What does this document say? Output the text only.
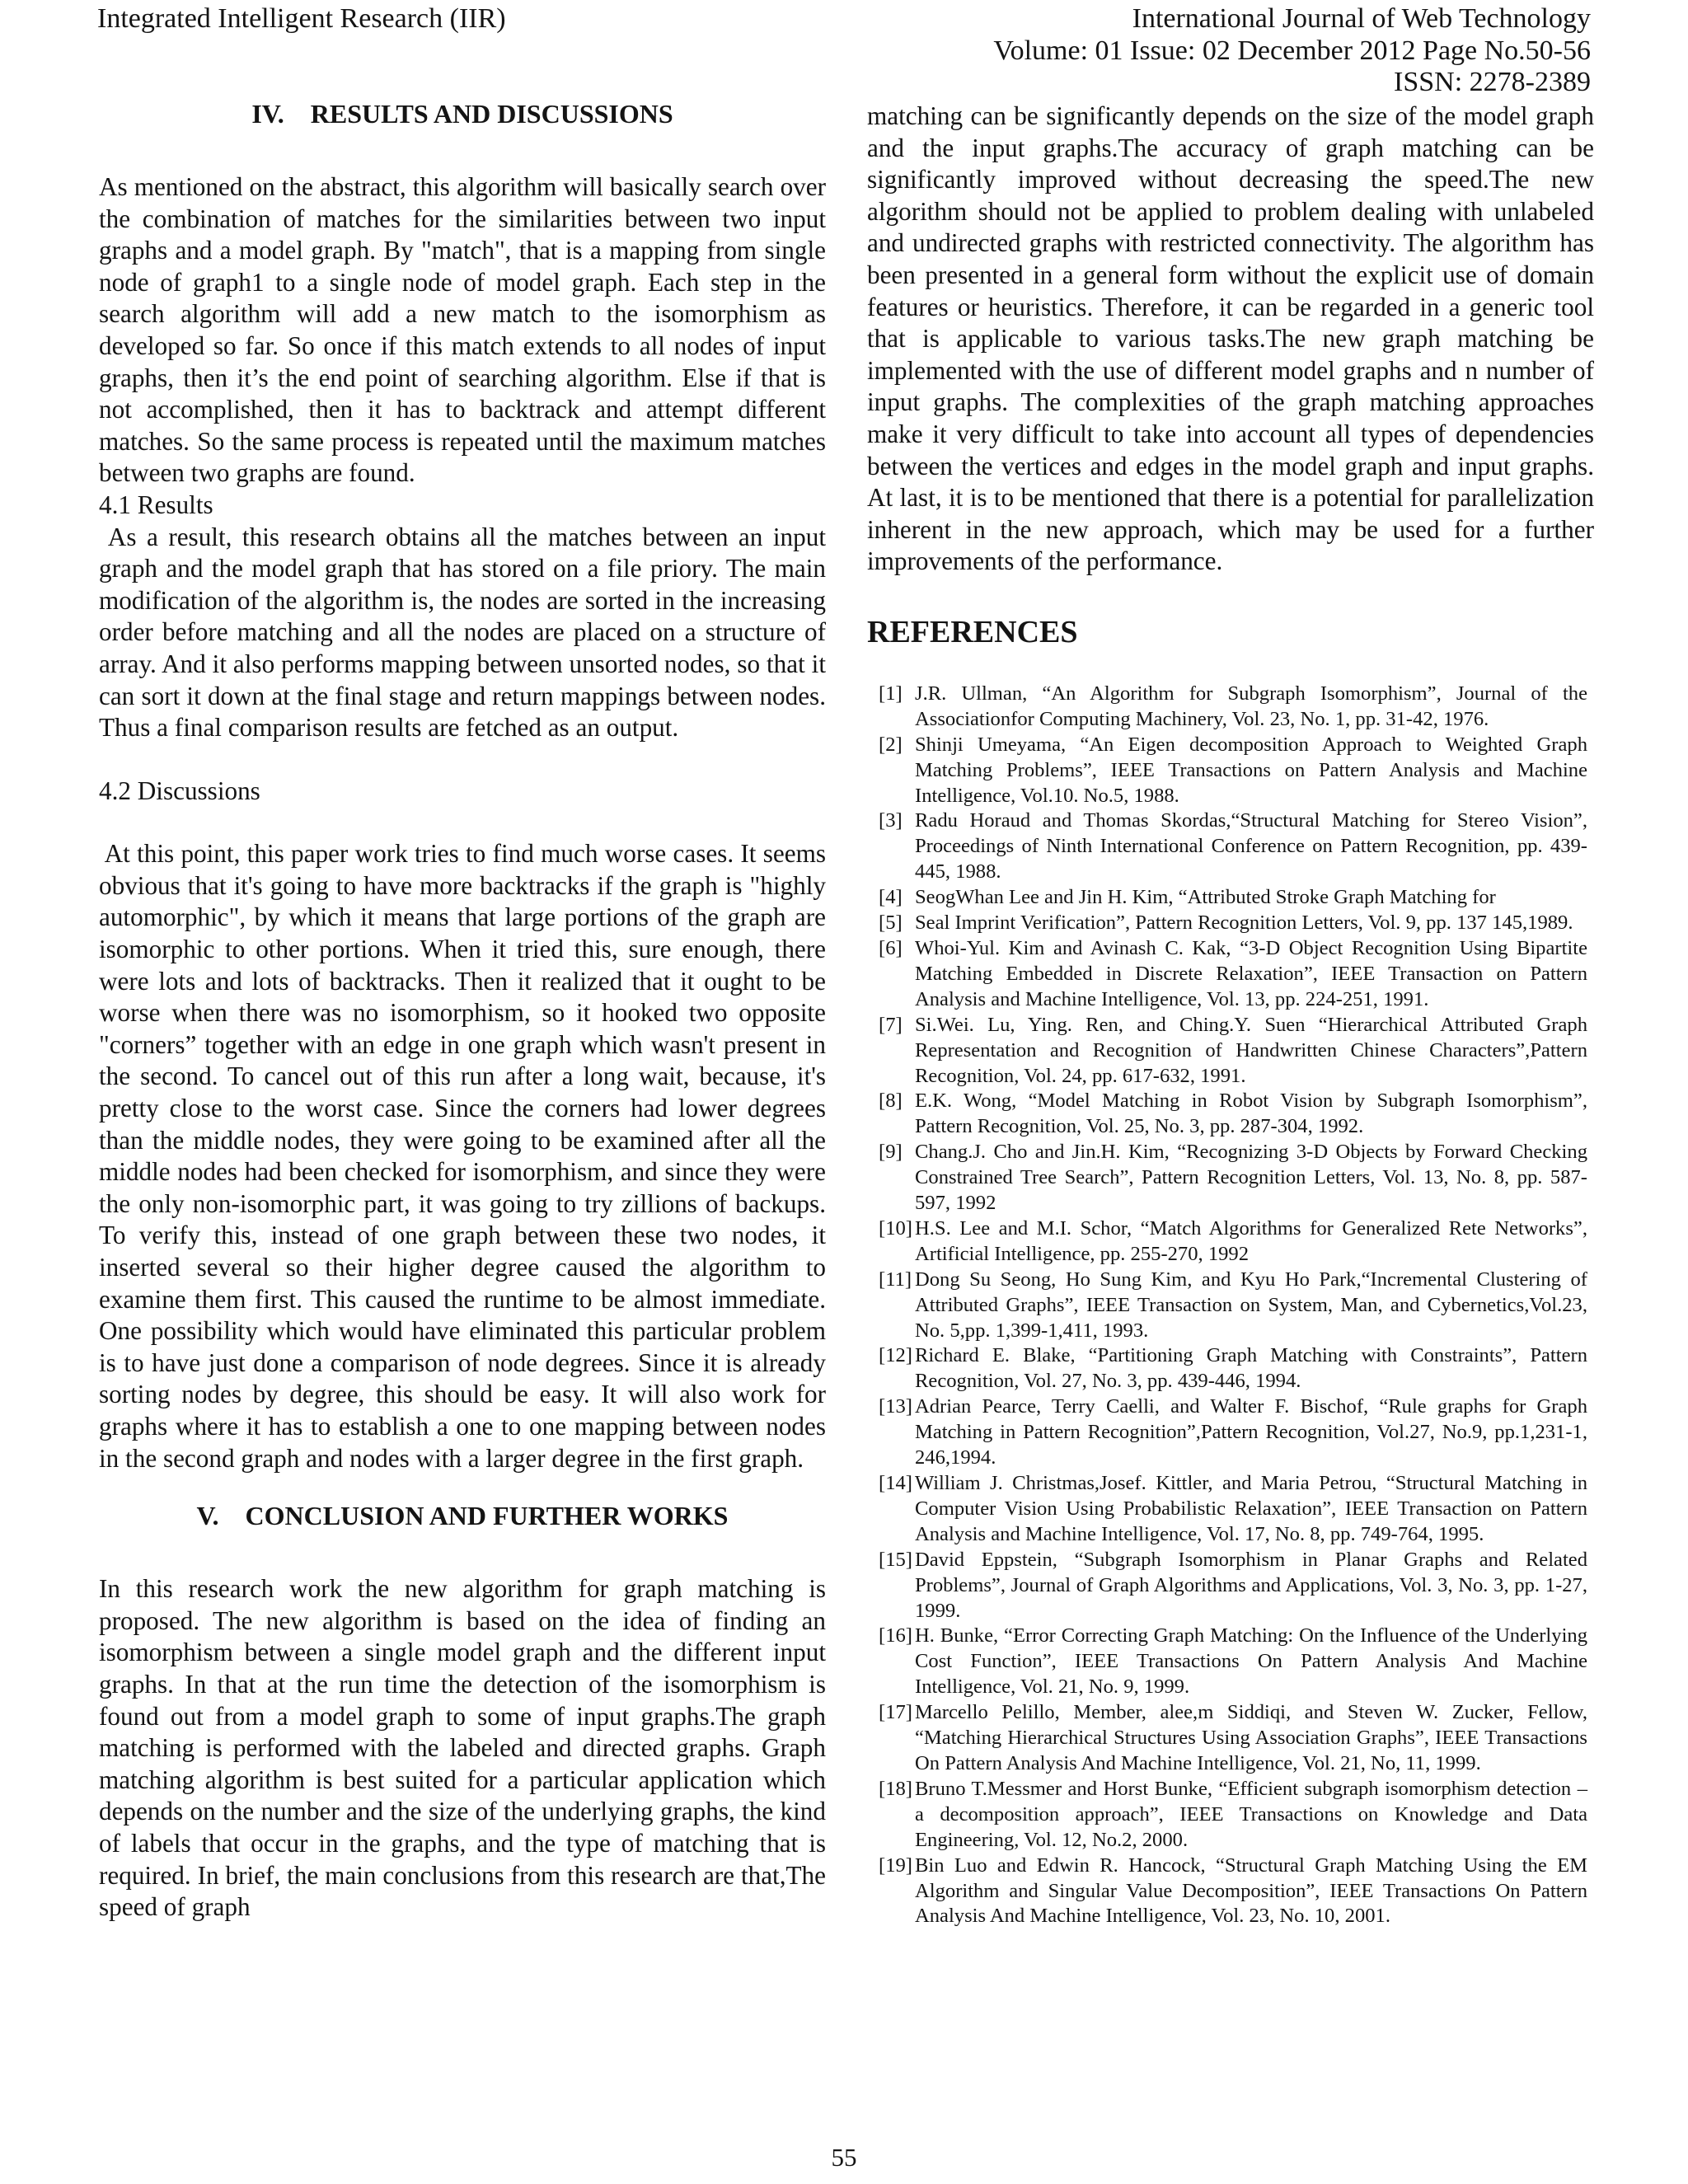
Integrated Intelligent Research (IIR)	International Journal of Web Technology
Volume: 01 Issue: 02 December 2012 Page No.50-56
ISSN: 2278-2389
IV.    RESULTS AND DISCUSSIONS

As mentioned on the abstract, this algorithm will basically search over the combination of matches for the similarities between two input graphs and a model graph. By "match", that is a mapping from single node of graph1 to a single node of model graph. Each step in the search algorithm will add a new match to the isomorphism as developed so far. So once if this match extends to all nodes of input graphs, then it’s the end point of searching algorithm. Else if that is not accomplished, then it has to backtrack and attempt different matches. So the same process is repeated until the maximum matches between two graphs are found.

4.1 Results

As a result, this research obtains all the matches between an input graph and the model graph that has stored on a file priory. The main modification of the algorithm is, the nodes are sorted in the increasing order before matching and all the nodes are placed on a structure of array. And it also performs mapping between unsorted nodes, so that it can sort it down at the final stage and return mappings between nodes. Thus a final comparison results are fetched as an output.

4.2 Discussions

At this point, this paper work tries to find much worse cases. It seems obvious that it's going to have more backtracks if the graph is "highly automorphic", by which it means that large portions of the graph are isomorphic to other portions. When it tried this, sure enough, there were lots and lots of backtracks. Then it realized that it ought to be worse when there was no isomorphism, so it hooked two opposite "corners” together with an edge in one graph which wasn't present in the second. To cancel out of this run after a long wait, because, it's pretty close to the worst case. Since the corners had lower degrees than the middle nodes, they were going to be examined after all the middle nodes had been checked for isomorphism, and since they were the only non-isomorphic part, it was going to try zillions of backups. To verify this, instead of one graph between these two nodes, it inserted several so their higher degree caused the algorithm to examine them first. This caused the runtime to be almost immediate. One possibility which would have eliminated this particular problem is to have just done a comparison of node degrees. Since it is already sorting nodes by degree, this should be easy. It will also work for graphs where it has to establish a one to one mapping between nodes in the second graph and nodes with a larger degree in the first graph.

V.    CONCLUSION AND FURTHER WORKS

In this research work the new algorithm for graph matching is proposed. The new algorithm is based on the idea of finding an isomorphism between a single model graph and the different input graphs. In that at the run time the detection of the isomorphism is found out from a model graph to some of input graphs.The graph matching is performed with the labeled and directed graphs. Graph matching algorithm is best suited for a particular application which depends on the number and the size of the underlying graphs, the kind of labels that occur in the graphs, and the type of matching that is required. In brief, the main conclusions from this research are that,The speed of graph

matching can be significantly depends on the size of the model graph and the input graphs.The accuracy of graph matching can be significantly improved without decreasing the speed.The new algorithm should not be applied to problem dealing with unlabeled and undirected graphs with restricted connectivity. The algorithm has been presented in a general form without the explicit use of domain features or heuristics. Therefore, it can be regarded in a generic tool that is applicable to various tasks.The new graph matching be implemented with the use of different model graphs and n number of input graphs. The complexities of the graph matching approaches make it very difficult to take into account all types of dependencies between the vertices and edges in the model graph and input graphs. At last, it is to be mentioned that there is a potential for parallelization inherent in the new approach, which may be used for a further improvements of the performance.

REFERENCES
[1] J.R. Ullman, “An Algorithm for Subgraph Isomorphism”, Journal of the Associationfor Computing Machinery, Vol. 23, No. 1, pp. 31-42, 1976.
[2] Shinji Umeyama, “An Eigen decomposition Approach to Weighted Graph Matching Problems”, IEEE Transactions on Pattern Analysis and Machine Intelligence, Vol.10. No.5, 1988.
[3] Radu Horaud and Thomas Skordas,“Structural Matching for Stereo Vision”, Proceedings of Ninth International Conference on Pattern Recognition, pp. 439-445, 1988.
[4] SeogWhan Lee and Jin H. Kim, “Attributed Stroke Graph Matching for
[5] Seal Imprint Verification”, Pattern Recognition Letters, Vol. 9, pp. 137 145,1989.
[6] Whoi-Yul. Kim and Avinash C. Kak, “3-D Object Recognition Using Bipartite Matching Embedded in Discrete Relaxation”, IEEE Transaction on Pattern Analysis and Machine Intelligence, Vol. 13, pp. 224-251, 1991.
[7] Si.Wei. Lu, Ying. Ren, and Ching.Y. Suen “Hierarchical Attributed Graph Representation and Recognition of Handwritten Chinese Characters”,Pattern Recognition, Vol. 24, pp. 617-632, 1991.
[8] E.K. Wong, “Model Matching in Robot Vision by Subgraph Isomorphism”, Pattern Recognition, Vol. 25, No. 3, pp. 287-304, 1992.
[9] Chang.J. Cho and Jin.H. Kim, “Recognizing 3-D Objects by Forward Checking Constrained Tree Search”, Pattern Recognition Letters, Vol. 13, No. 8, pp. 587-597, 1992
[10] H.S. Lee and M.I. Schor, “Match Algorithms for Generalized Rete Networks”, Artificial Intelligence, pp. 255-270, 1992
[11] Dong Su Seong, Ho Sung Kim, and Kyu Ho Park,“Incremental Clustering of Attributed Graphs”, IEEE Transaction on System, Man, and Cybernetics,Vol.23, No. 5,pp. 1,399-1,411, 1993.
[12] Richard E. Blake, “Partitioning Graph Matching with Constraints”, Pattern Recognition, Vol. 27, No. 3, pp. 439-446, 1994.
[13] Adrian Pearce, Terry Caelli, and Walter F. Bischof, “Rule graphs for Graph Matching in Pattern Recognition”,Pattern Recognition, Vol.27, No.9, pp.1,231-1, 246,1994.
[14] William J. Christmas,Josef. Kittler, and Maria Petrou, “Structural Matching in Computer Vision Using Probabilistic Relaxation”, IEEE Transaction on Pattern Analysis and Machine Intelligence, Vol. 17, No. 8, pp. 749-764, 1995.
[15] David Eppstein, “Subgraph Isomorphism in Planar Graphs and Related Problems”, Journal of Graph Algorithms and Applications, Vol. 3, No. 3, pp. 1-27, 1999.
[16] H. Bunke, “Error Correcting Graph Matching: On the Influence of the Underlying Cost Function”, IEEE Transactions On Pattern Analysis And Machine Intelligence, Vol. 21, No. 9, 1999.
[17] Marcello Pelillo, Member, alee,m Siddiqi, and Steven W. Zucker, Fellow, “Matching Hierarchical Structures Using Association Graphs”, IEEE Transactions On Pattern Analysis And Machine Intelligence, Vol. 21, No, 11, 1999.
[18] Bruno T.Messmer and Horst Bunke, “Efficient subgraph isomorphism detection – a decomposition approach”, IEEE Transactions on Knowledge and Data Engineering, Vol. 12, No.2, 2000.
[19] Bin Luo and Edwin R. Hancock, “Structural Graph Matching Using the EM Algorithm and Singular Value Decomposition”, IEEE Transactions On Pattern Analysis And Machine Intelligence, Vol. 23, No. 10, 2001.
55
